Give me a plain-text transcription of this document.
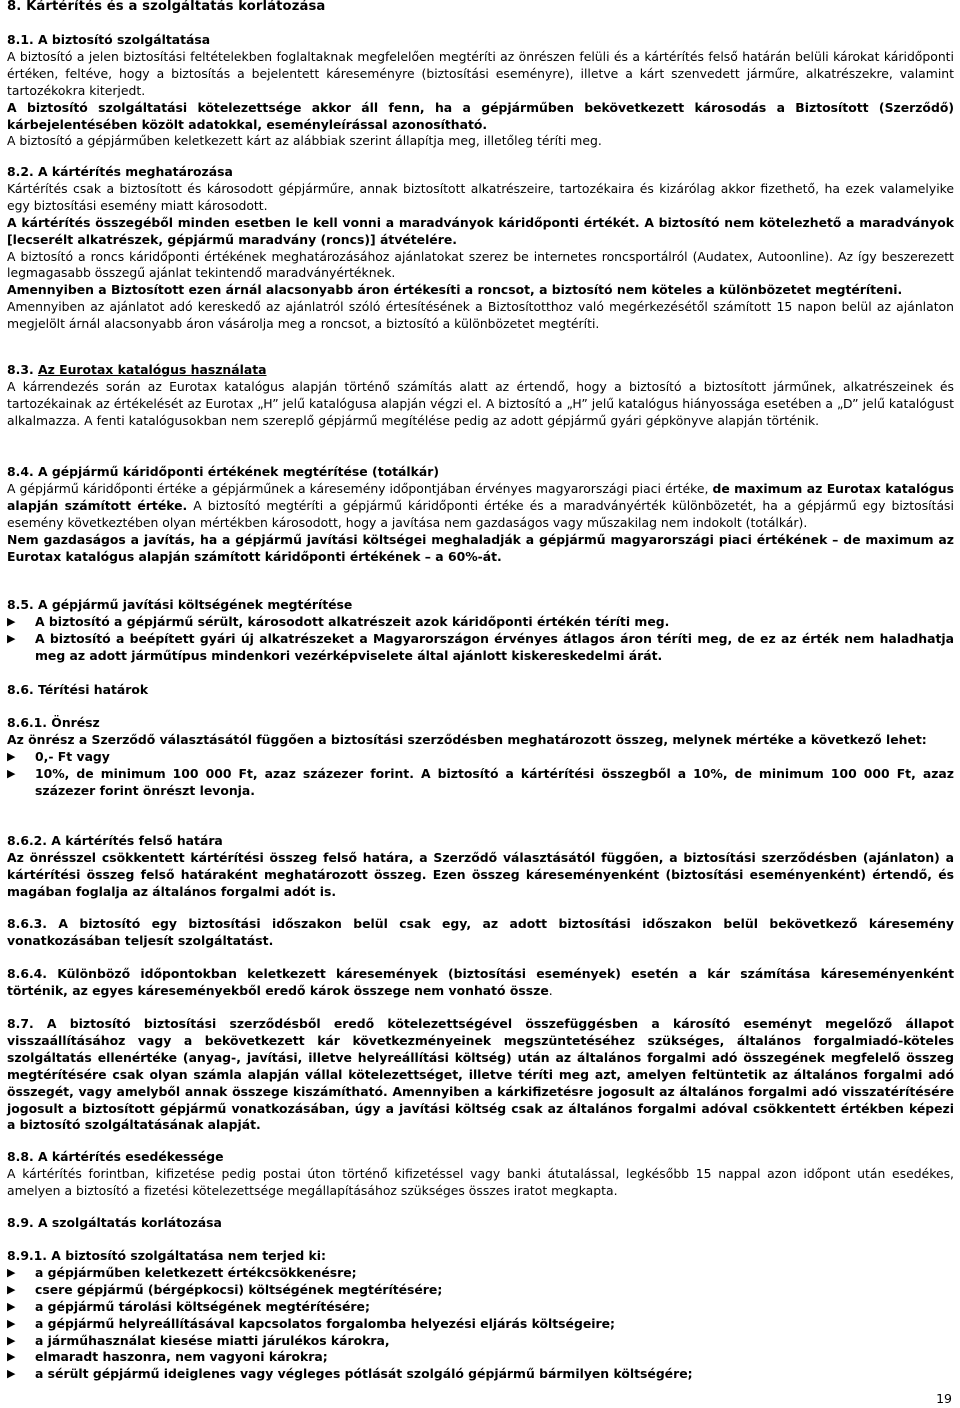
8. Kártérítés és a szolgáltatás korlátozása

8.1. A biztosító szolgáltatása

A biztosító a jelen biztosítási feltételekben foglaltaknak megfelelően megtéríti az önrészen felüli és a kártérítés felső határán belüli károkat káridőponti értéken, feltéve, hogy a biztosítás a bejelentett káreseményre (biztosítási eseményre), illetve a kárt szenvedett járműre, alkatrészekre, valamint tartozékokra kiterjedt.

A biztosító szolgáltatási kötelezettsége akkor áll fenn, ha a gépjárműben bekövetkezett károsodás a Biztosított (Szerződő) kárbejelentésében közölt adatokkal, eseményleírással azonosítható.

A biztosító a gépjárműben keletkezett kárt az alábbiak szerint állapítja meg, illetőleg téríti meg.

8.2. A kártérítés meghatározása

Kártérítés csak a biztosított és károsodott gépjárműre, annak biztosított alkatrészeire, tartozékaira és kizárólag akkor fizethető, ha ezek valamelyike egy biztosítási esemény miatt károsodott.

A kártérítés összegéből minden esetben le kell vonni a maradványok káridőponti értékét. A biztosító nem kötelezhető a maradványok [lecserélt alkatrészek, gépjármű maradvány (roncs)] átvételére.

A biztosító a roncs káridőponti értékének meghatározásához ajánlatokat szerez be internetes roncsportálról (Audatex, Autoonline). Az így beszerezett legmagasabb összegű ajánlat tekintendő maradványértéknek.

Amennyiben a Biztosított ezen árnál alacsonyabb áron értékesíti a roncsot, a biztosító nem köteles a különbözetet megtéríteni.

Amennyiben az ajánlatot adó kereskedő az ajánlatról szóló értesítésének a Biztosítotthoz való megérkezésétől számított 15 napon belül az ajánlaton megjelölt árnál alacsonyabb áron vásárolja meg a roncsot, a biztosító a különbözetet megtéríti.

8.3. Az Eurotax katalógus használata

A kárrendezés során az Eurotax katalógus alapján történő számítás alatt az értendő, hogy a biztosító a biztosított járműnek, alkatrészeinek és tartozékainak az értékelését az Eurotax „H” jelű katalógusa alapján végzi el. A biztosító a „H” jelű katalógus hiányossága esetében a „D” jelű katalógust alkalmazza. A fenti katalógusokban nem szereplő gépjármű megítélése pedig az adott gépjármű gyári gépkönyve alapján történik.

8.4. A gépjármű káridőponti értékének megtérítése (totálkár)

A gépjármű káridőponti értéke a gépjárműnek a káresemény időpontjában érvényes magyarországi piaci értéke, de maximum az Eurotax katalógus alapján számított értéke. A biztosító megtéríti a gépjármű káridőponti értéke és a maradványérték különbözetét, ha a gépjármű egy biztosítási esemény következtében olyan mértékben károsodott, hogy a javítása nem gazdaságos vagy műszakilag nem indokolt (totálkár).

Nem gazdaságos a javítás, ha a gépjármű javítási költségei meghaladják a gépjármű magyarországi piaci értékének – de maximum az Eurotax katalógus alapján számított káridőponti értékének – a 60%-át.

8.5. A gépjármű javítási költségének megtérítése

▶	A biztosító a gépjármű sérült, károsodott alkatrészeit azok káridőponti értékén téríti meg.
▶	A biztosító a beépített gyári új alkatrészeket a Magyarországon érvényes átlagos áron téríti meg, de ez az érték nem haladhatja meg az adott járműtípus mindenkori vezérképviselete által ajánlott kiskereskedelmi árát.

8.6. Térítési határok

8.6.1. Önrész

Az önrész a Szerződő választásától függően a biztosítási szerződésben meghatározott összeg, melynek mértéke a következő lehet:

▶	0,- Ft vagy
▶	10%, de minimum 100 000 Ft, azaz százezer forint. A biztosító a kártérítési összegből a 10%, de minimum 100 000 Ft, azaz százezer forint önrészt levonja.

8.6.2. A kártérítés felső határa

Az önrésszel csökkentett kártérítési összeg felső határa, a Szerződő választásától függően, a biztosítási szerződésben (ajánlaton) a kártérítési összeg felső határaként meghatározott összeg. Ezen összeg káreseményenként (biztosítási eseményenként) értendő, és magában foglalja az általános forgalmi adót is.

8.6.3. A biztosító egy biztosítási időszakon belül csak egy, az adott biztosítási időszakon belül bekövetkező káresemény vonatkozásában teljesít szolgáltatást.

8.6.4. Különböző időpontokban keletkezett káresemények (biztosítási események) esetén a kár számítása káreseményenként történik, az egyes káreseményekből eredő károk összege nem vonható össze.

8.7. A biztosító biztosítási szerződésből eredő kötelezettségével összefüggésben a károsító eseményt megelőző állapot visszaállításához vagy a bekövetkezett kár következményeinek megszüntetéséhez szükséges, általános forgalmiadó-köteles szolgáltatás ellenértéke (anyag-, javítási, illetve helyreállítási költség) után az általános forgalmi adó összegének megfelelő összeg megtérítésére csak olyan számla alapján vállal kötelezettséget, illetve téríti meg azt, amelyen feltüntetik az általános forgalmi adó összegét, vagy amelyből annak összege kiszámítható. Amennyiben a kárkifizetésre jogosult az általános forgalmi adó visszatérítésére jogosult a biztosított gépjármű vonatkozásában, úgy a javítási költség csak az általános forgalmi adóval csökkentett értékben képezi a biztosító szolgáltatásának alapját.

8.8. A kártérítés esedékessége

A kártérítés forintban, kifizetése pedig postai úton történő kifizetéssel vagy banki átutalással, legkésőbb 15 nappal azon időpont után esedékes, amelyen a biztosító a fizetési kötelezettsége megállapításához szükséges összes iratot megkapta.

8.9. A szolgáltatás korlátozása

8.9.1. A biztosító szolgáltatása nem terjed ki:

▶	a gépjárműben keletkezett értékcsökkenésre;
▶	csere gépjármű (bérgépkocsi) költségének megtérítésére;
▶	a gépjármű tárolási költségének megtérítésére;
▶	a gépjármű helyreállításával kapcsolatos forgalomba helyezési eljárás költségeire;
▶	a járműhasználat kiesése miatti járulékos károkra,
▶	elmaradt haszonra, nem vagyoni károkra;
▶	a sérült gépjármű ideiglenes vagy végleges pótlását szolgáló gépjármű bármilyen költségére;
19
